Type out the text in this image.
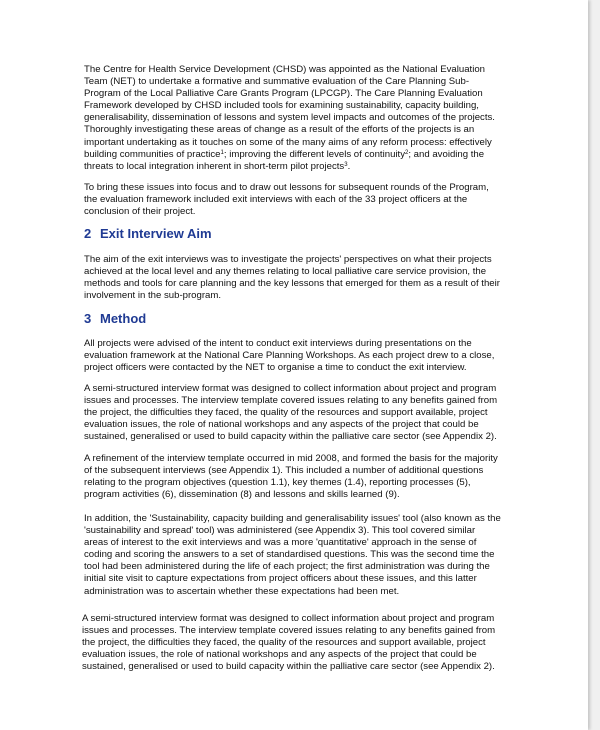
The Centre for Health Service Development (CHSD) was appointed as the National Evaluation
Team (NET) to undertake a formative and summative evaluation of the Care Planning Sub-
Program of the Local Palliative Care Grants Program (LPCGP). The Care Planning Evaluation
Framework developed by CHSD included tools for examining sustainability, capacity building,
generalisability, dissemination of lessons and system level impacts and outcomes of the projects.
Thoroughly investigating these areas of change as a result of the efforts of the projects is an
important undertaking as it touches on some of the many aims of any reform process: effectively
building communities of practice$^1$; improving the different levels of continuity$^2$; and avoiding the
threats to local integration inherent in short-term pilot projects$^3$.

To bring these issues into focus and to draw out lessons for subsequent rounds of the Program,
the evaluation framework included exit interviews with each of the 33 project officers at the
conclusion of their project.

2 Exit Interview Aim

The aim of the exit interviews was to investigate the projects' perspectives on what their projects
achieved at the local level and any themes relating to local palliative care service provision, the
methods and tools for care planning and the key lessons that emerged for them as a result of their
involvement in the sub-program.

3 Method

All projects were advised of the intent to conduct exit interviews during presentations on the
evaluation framework at the National Care Planning Workshops. As each project drew to a close,
project officers were contacted by the NET to organise a time to conduct the exit interview.

A semi-structured interview format was designed to collect information about project and program
issues and processes. The interview template covered issues relating to any benefits gained from
the project, the difficulties they faced, the quality of the resources and support available, project
evaluation issues, the role of national workshops and any aspects of the project that could be
sustained, generalised or used to build capacity within the palliative care sector (see Appendix 2).

A refinement of the interview template occurred in mid 2008, and formed the basis for the majority
of the subsequent interviews (see Appendix 1). This included a number of additional questions
relating to the program objectives (question 1.1), key themes (1.4), reporting processes (5),
program activities (6), dissemination (8) and lessons and skills learned (9).

In addition, the 'Sustainability, capacity building and generalisability issues' tool (also known as the
'sustainability and spread' tool) was administered (see Appendix 3). This tool covered similar
areas of interest to the exit interviews and was a more 'quantitative' approach in the sense of
coding and scoring the answers to a set of standardised questions. This was the second time the
tool had been administered during the life of each project; the first administration was during the
initial site visit to capture expectations from project officers about these issues, and this latter
administration was to ascertain whether these expectations had been met.

A semi-structured interview format was designed to collect information about project and program
issues and processes. The interview template covered issues relating to any benefits gained from
the project, the difficulties they faced, the quality of the resources and support available, project
evaluation issues, the role of national workshops and any aspects of the project that could be
sustained, generalised or used to build capacity within the palliative care sector (see Appendix 2).
